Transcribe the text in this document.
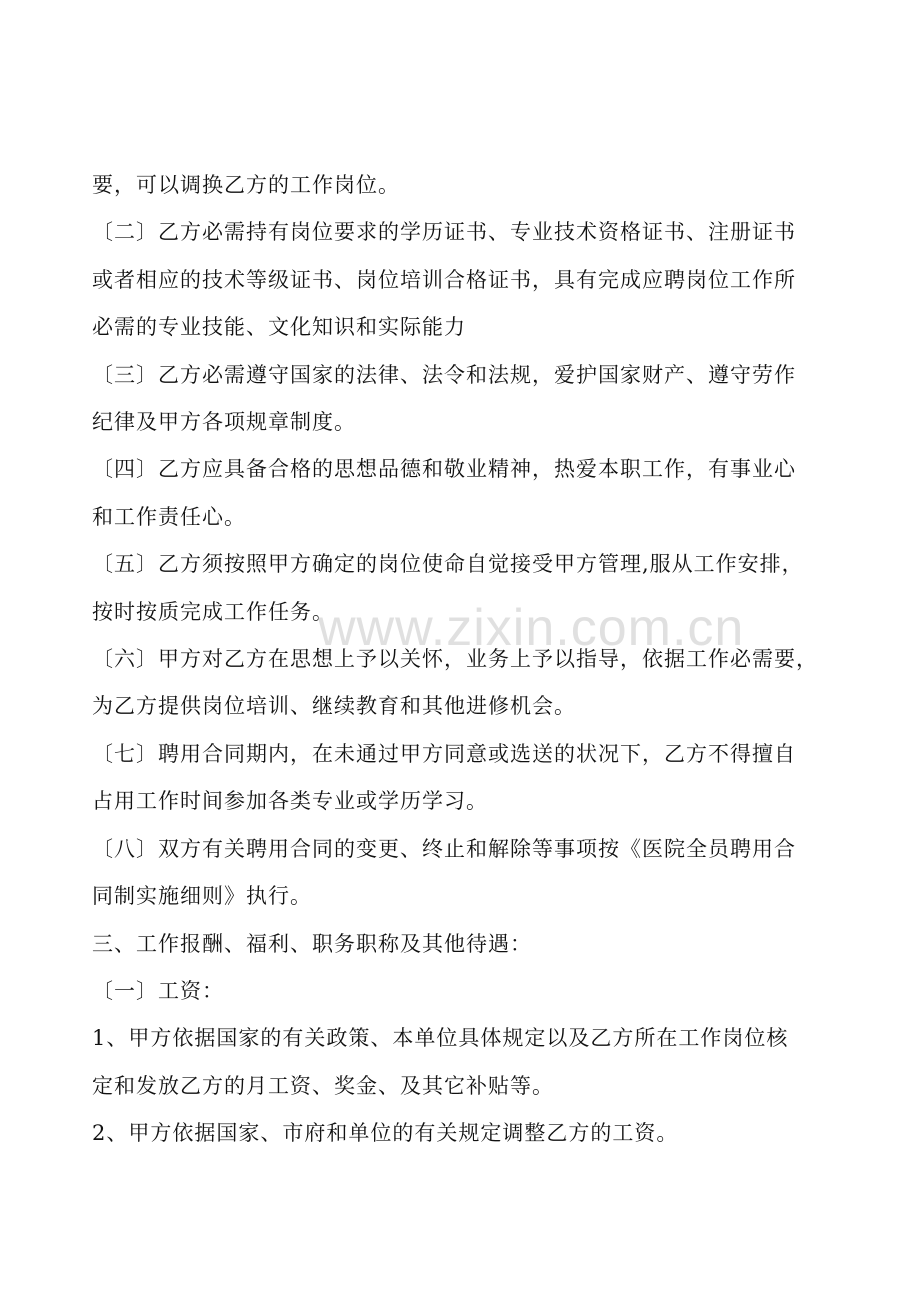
要，可以调换乙方的工作岗位。

〔二〕乙方必需持有岗位要求的学历证书、专业技术资格证书、注册证书

或者相应的技术等级证书、岗位培训合格证书，具有完成应聘岗位工作所

必需的专业技能、文化知识和实际能力

〔三〕乙方必需遵守国家的法律、法令和法规，爱护国家财产、遵守劳作

纪律及甲方各项规章制度。

〔四〕乙方应具备合格的思想品德和敬业精神，热爱本职工作，有事业心

和工作责任心。

〔五〕乙方须按照甲方确定的岗位使命自觉接受甲方管理,服从工作安排，

按时按质完成工作任务。

〔六〕甲方对乙方在思想上予以关怀，业务上予以指导，依据工作必需要，

为乙方提供岗位培训、继续教育和其他进修机会。

〔七〕聘用合同期内，在未通过甲方同意或选送的状况下，乙方不得擅自

占用工作时间参加各类专业或学历学习。

〔八〕双方有关聘用合同的变更、终止和解除等事项按《医院全员聘用合

同制实施细则》执行。

三、工作报酬、福利、职务职称及其他待遇：

〔一〕工资：

1、甲方依据国家的有关政策、本单位具体规定以及乙方所在工作岗位核

定和发放乙方的月工资、奖金、及其它补贴等。

2、甲方依据国家、市府和单位的有关规定调整乙方的工资。

www.zixin.com.cn
